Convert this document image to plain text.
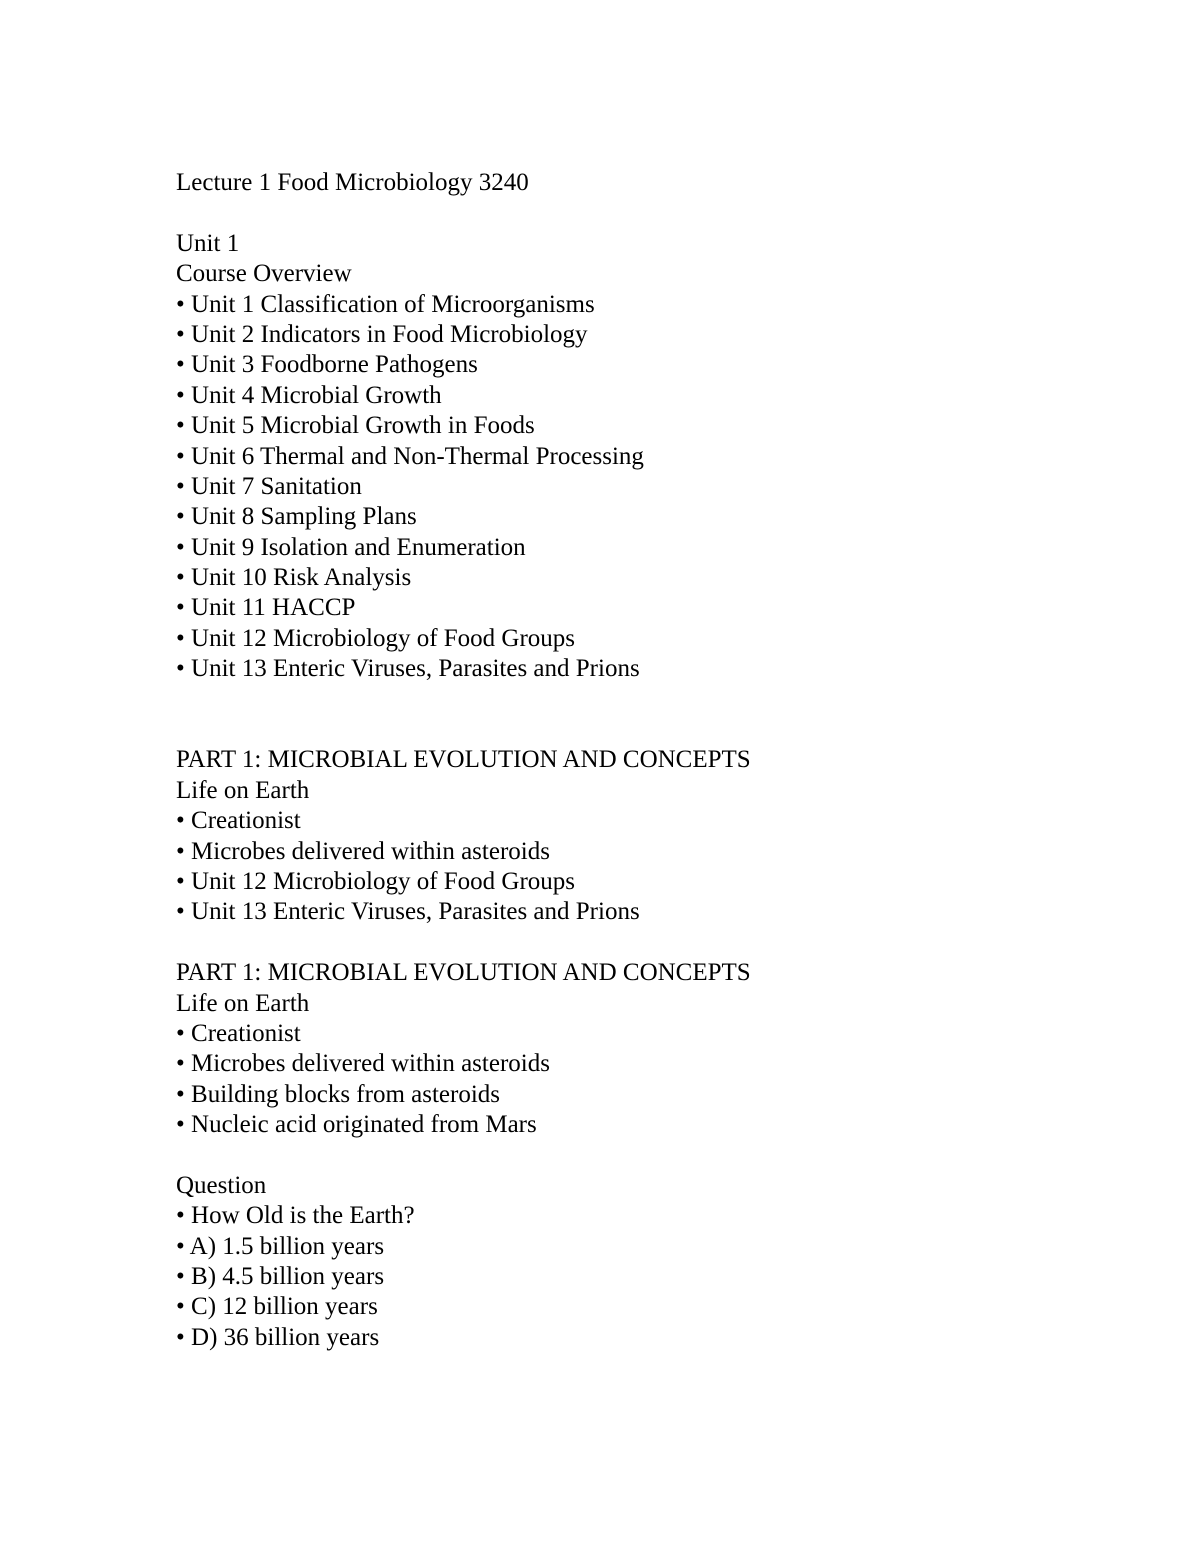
Lecture 1 Food Microbiology 3240
Unit 1
Course Overview
• Unit 1 Classification of Microorganisms
• Unit 2 Indicators in Food Microbiology
• Unit 3 Foodborne Pathogens
• Unit 4 Microbial Growth
• Unit 5 Microbial Growth in Foods
• Unit 6 Thermal and Non-Thermal Processing
• Unit 7 Sanitation
• Unit 8 Sampling Plans
• Unit 9 Isolation and Enumeration
• Unit 10 Risk Analysis
• Unit 11 HACCP
• Unit 12 Microbiology of Food Groups
• Unit 13 Enteric Viruses, Parasites and Prions
PART 1: MICROBIAL EVOLUTION AND CONCEPTS
Life on Earth
• Creationist
• Microbes delivered within asteroids
• Unit 12 Microbiology of Food Groups
• Unit 13 Enteric Viruses, Parasites and Prions
PART 1: MICROBIAL EVOLUTION AND CONCEPTS
Life on Earth
• Creationist
• Microbes delivered within asteroids
• Building blocks from asteroids
• Nucleic acid originated from Mars
Question
• How Old is the Earth?
• A) 1.5 billion years
• B) 4.5 billion years
• C) 12 billion years
• D) 36 billion years
